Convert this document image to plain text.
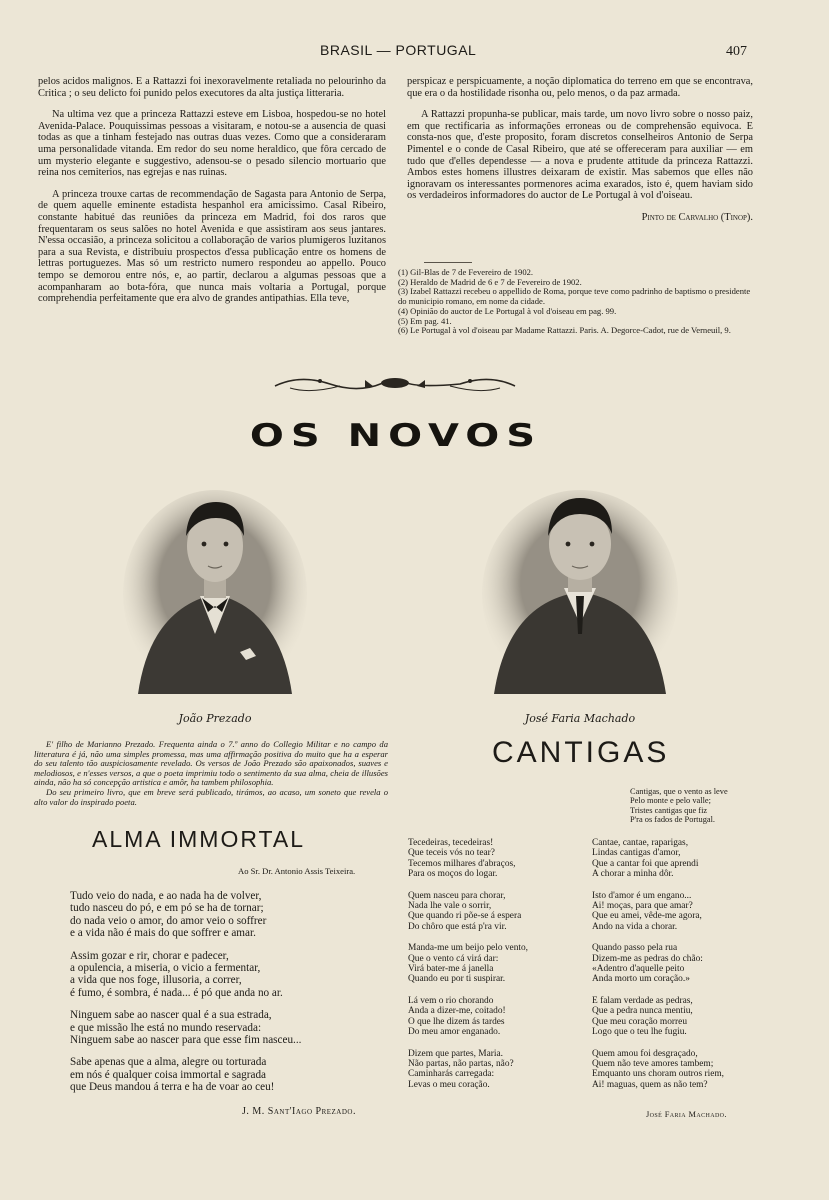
BRASIL — PORTUGAL	407

pelos acidos malignos. E a Rattazzi foi inexoravelmente retaliada no pelourinho da Critica ; o seu delicto foi punido pelos executores da alta justiça litteraria.

Na ultima vez que a princeza Rattazzi esteve em Lisboa, hospedou-se no hotel Avenida-Palace. Pouquissimas pessoas a visitaram, e notou-se a ausencia de quasi todas as que a tinham festejado nas outras duas vezes. Como que a consideraram uma personalidade vitanda. Em redor do seu nome heraldico, que fôra cercado de um mysterio elegante e suggestivo, adensou-se o pesado silencio mortuario que reina nos cemiterios, nas egrejas e nas ruinas.

A princeza trouxe cartas de recommendação de Sagasta para Antonio de Serpa, de quem aquelle eminente estadista hespanhol era amicissimo. Casal Ribeiro, constante habitué das reuniões da princeza em Madrid, foi dos raros que frequentaram os seus salões no hotel Avenida e que assistiram aos seus jantares. N'essa occasião, a princeza solicitou a collaboração de varios plumigeros luzitanos para a sua Revista, e distribuiu prospectos d'essa publicação entre os homens de lettras portuguezes. Mas só um restricto numero respondeu ao appello. Pouco tempo se demorou entre nós, e, ao partir, declarou a algumas pessoas que a acompanharam ao bota-fóra, que nunca mais voltaria a Portugal, porque comprehendia perfeitamente que era alvo de grandes antipathias. Ella teve,

perspicaz e perspicuamente, a noção diplomatica do terreno em que se encontrava, que era o da hostilidade risonha ou, pelo menos, o da paz armada.

A Rattazzi propunha-se publicar, mais tarde, um novo livro sobre o nosso paiz, em que rectificaria as informações erroneas ou de comprehensão equivoca. E consta-nos que, d'este proposito, foram discretos conselheiros Antonio de Serpa Pimentel e o conde de Casal Ribeiro, que até se offereceram para auxiliar — em tudo que d'elles dependesse — a nova e prudente attitude da princeza Rattazzi. Ambos estes homens illustres deixaram de existir. Mas sabemos que elles não ignoravam os interessantes pormenores acima exarados, isto é, quem haviam sido os verdadeiros informadores do auctor de Le Portugal à vol d'oiseau.

Pinto de Carvalho (Tinop).
(1) Gil-Blas de 7 de Fevereiro de 1902.
(2) Heraldo de Madrid de 6 e 7 de Fevereiro de 1902.
(3) Izabel Rattazzi recebeu o appellido de Roma, porque teve como padrinho de baptismo o presidente do municipio romano, em nome da cidade.
(4) Opinião do auctor de Le Portugal à vol d'oiseau em pag. 99.
(5) Em pag. 41.
(6) Le Portugal à vol d'oiseau par Madame Rattazzi. Paris. A. Degorce-Cadot, rue de Verneuil, 9.
OS NOVOS
João Prezado	José Faria Machado

E' filho de Marianno Prezado. Frequenta ainda o 7.º anno do Collegio Militar e no campo da litteratura é já, não uma simples promessa, mas uma affirmação positiva do muito que ha a esperar do seu talento tão auspiciosamente revelado. Os versos de João Prezado são apaixonados, suaves e melodiosos, e n'esses versos, a que o poeta imprimiu todo o sentimento da sua alma, cheia de illusões ainda, não ha só concepção artistica e amôr, ha tambem philosophia.

Do seu primeiro livro, que em breve será publicado, tirámos, ao acaso, um soneto que revela o alto valor do inspirado poeta.

ALMA IMMORTAL
Ao Sr. Dr. Antonio Assis Teixeira.
Tudo veio do nada, e ao nada ha de volver,
tudo nasceu do pó, e em pó se ha de tornar;
do nada veio o amor, do amor veio o soffrer
e a vida não é mais do que soffrer e amar.
Assim gozar e rir, chorar e padecer,
a opulencia, a miseria, o vicio a fermentar,
a vida que nos foge, illusoria, a correr,
é fumo, é sombra, é nada... é pó que anda no ar.
Ninguem sabe ao nascer qual é a sua estrada,
e que missão lhe está no mundo reservada:
Ninguem sabe ao nascer para que esse fim nasceu...
Sabe apenas que a alma, alegre ou torturada
em nós é qualquer coisa immortal e sagrada
que Deus mandou á terra e ha de voar ao ceu!
J. M. Sant'Iago Prezado.
CANTIGAS
Cantigas, que o vento as leve
Pelo monte e pelo valle;
Tristes cantigas que fiz
P'ra os fados de Portugal.
Tecedeiras, tecedeiras!
Que teceis vós no tear?
Tecemos milhares d'abraços,
Para os moços do logar.
Quem nasceu para chorar,
Nada lhe vale o sorrir,
Que quando ri põe-se á espera
Do chôro que está p'ra vir.
Manda-me um beijo pelo vento,
Que o vento cá virá dar:
Virá bater-me á janella
Quando eu por ti suspirar.
Lá vem o rio chorando
Anda a dizer-me, coitado!
O que lhe dizem ás tardes
Do meu amor enganado.
Dizem que partes, Maria.
Não partas, não partas, não?
Caminharás carregada:
Levas o meu coração.
Cantae, cantae, raparigas,
Lindas cantigas d'amor,
Que a cantar foi que aprendi
A chorar a minha dôr.
Isto d'amor é um engano...
Ai! moças, para que amar?
Que eu amei, vêde-me agora,
Ando na vida a chorar.
Quando passo pela rua
Dizem-me as pedras do chão:
«Adentro d'aquelle peito
Anda morto um coração.»
E falam verdade as pedras,
Que a pedra nunca mentiu,
Que meu coração morreu
Logo que o teu lhe fugiu.
Quem amou foi desgraçado,
Quem não teve amores tambem;
Emquanto uns choram outros riem,
Ai! maguas, quem as não tem?
José Faria Machado.
